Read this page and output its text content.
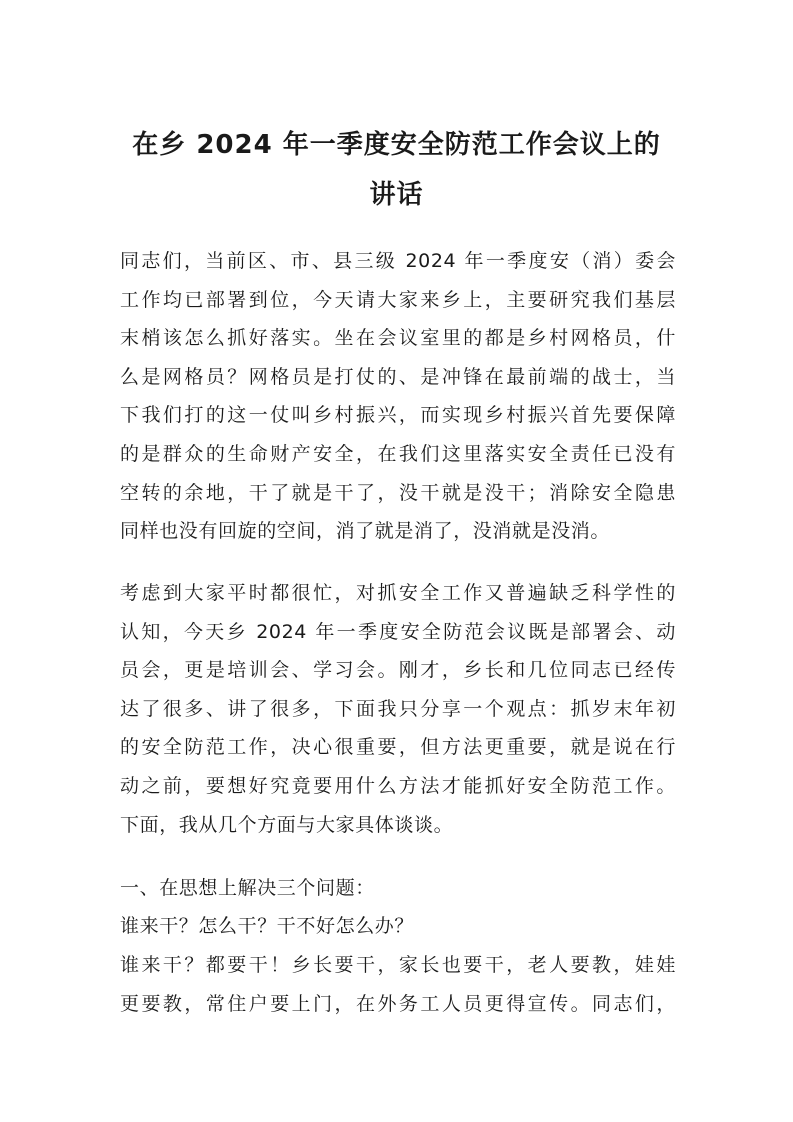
在乡 2024 年一季度安全防范工作会议上的
讲话
同志们，当前区、市、县三级 2024 年一季度安（消）委会
工作均已部署到位，今天请大家来乡上，主要研究我们基层
末梢该怎么抓好落实。坐在会议室里的都是乡村网格员，什
么是网格员？网格员是打仗的、是冲锋在最前端的战士，当
下我们打的这一仗叫乡村振兴，而实现乡村振兴首先要保障
的是群众的生命财产安全，在我们这里落实安全责任已没有
空转的余地，干了就是干了，没干就是没干；消除安全隐患
同样也没有回旋的空间，消了就是消了，没消就是没消。
考虑到大家平时都很忙，对抓安全工作又普遍缺乏科学性的
认知，今天乡 2024 年一季度安全防范会议既是部署会、动
员会，更是培训会、学习会。刚才，乡长和几位同志已经传
达了很多、讲了很多，下面我只分享一个观点：抓岁末年初
的安全防范工作，决心很重要，但方法更重要，就是说在行
动之前，要想好究竟要用什么方法才能抓好安全防范工作。
下面，我从几个方面与大家具体谈谈。
一、在思想上解决三个问题：
谁来干？怎么干？干不好怎么办？
谁来干？都要干！乡长要干，家长也要干，老人要教，娃娃
更要教，常住户要上门，在外务工人员更得宣传。同志们，
